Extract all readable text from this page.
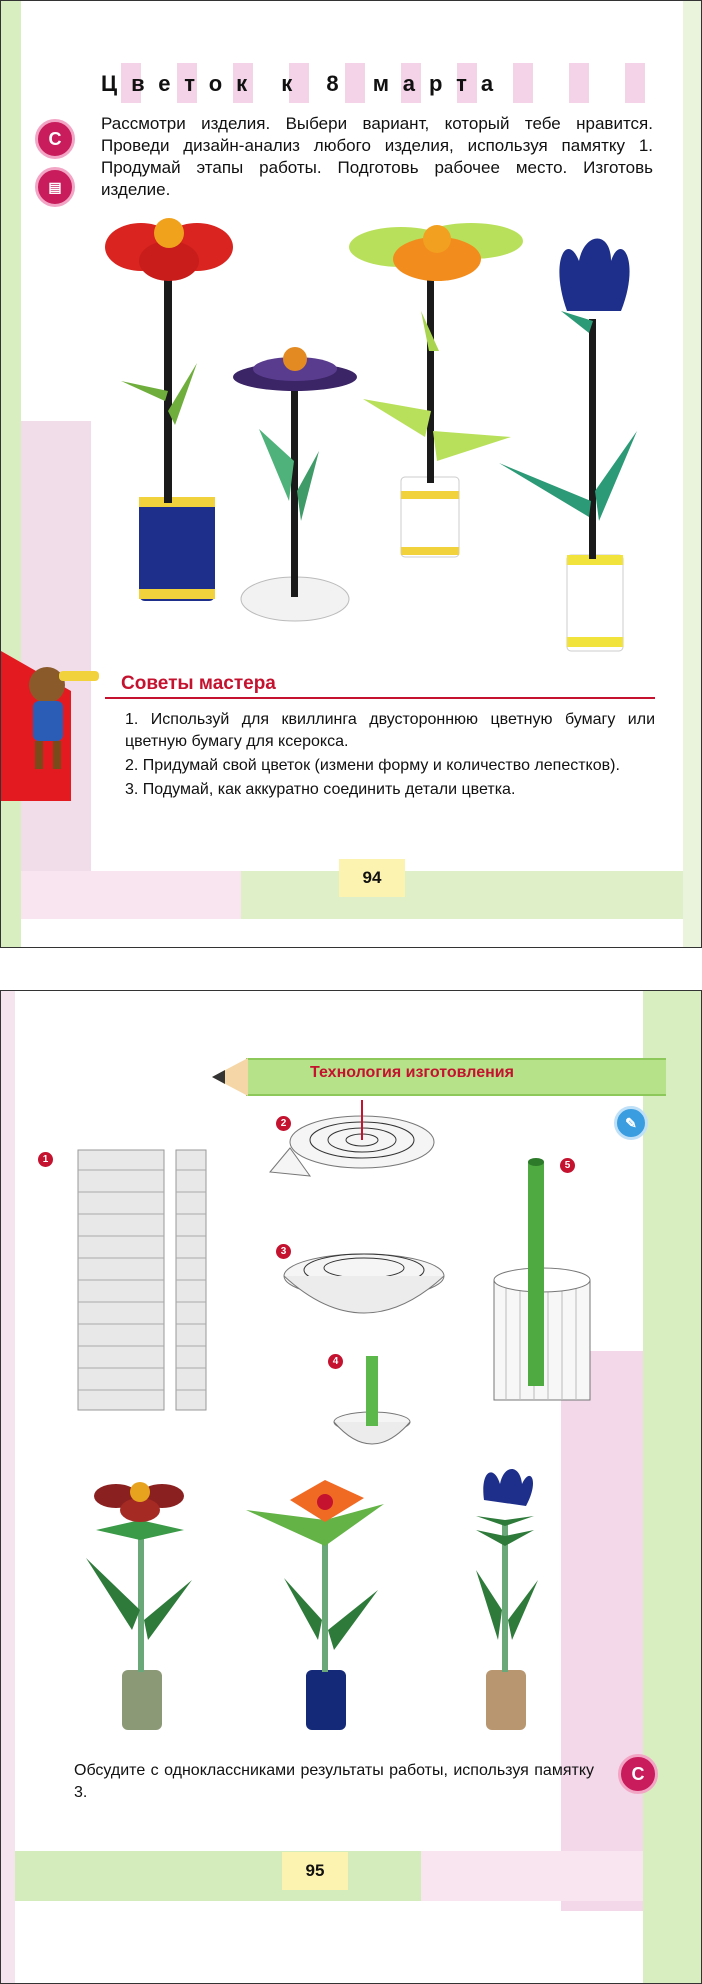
Цветок к 8 марта
С
▤
Рассмотри изделия. Выбери вариант, который тебе нравится. Проведи дизайн-анализ любого изделия, используя памятку 1. Продумай этапы работы. Подготовь рабочее место. Изготовь изделие.
Советы мастера
1. Используй для квиллинга двустороннюю цветную бумагу или цветную бумагу для ксерокса.
2. Придумай свой цветок (измени форму и количество лепестков).
3. Подумай, как аккуратно соединить детали цветка.
94
Технология изготовления
✎
1
2
3
4
5
Обсудите с одноклассниками результаты работы, используя памятку 3.
С
95
